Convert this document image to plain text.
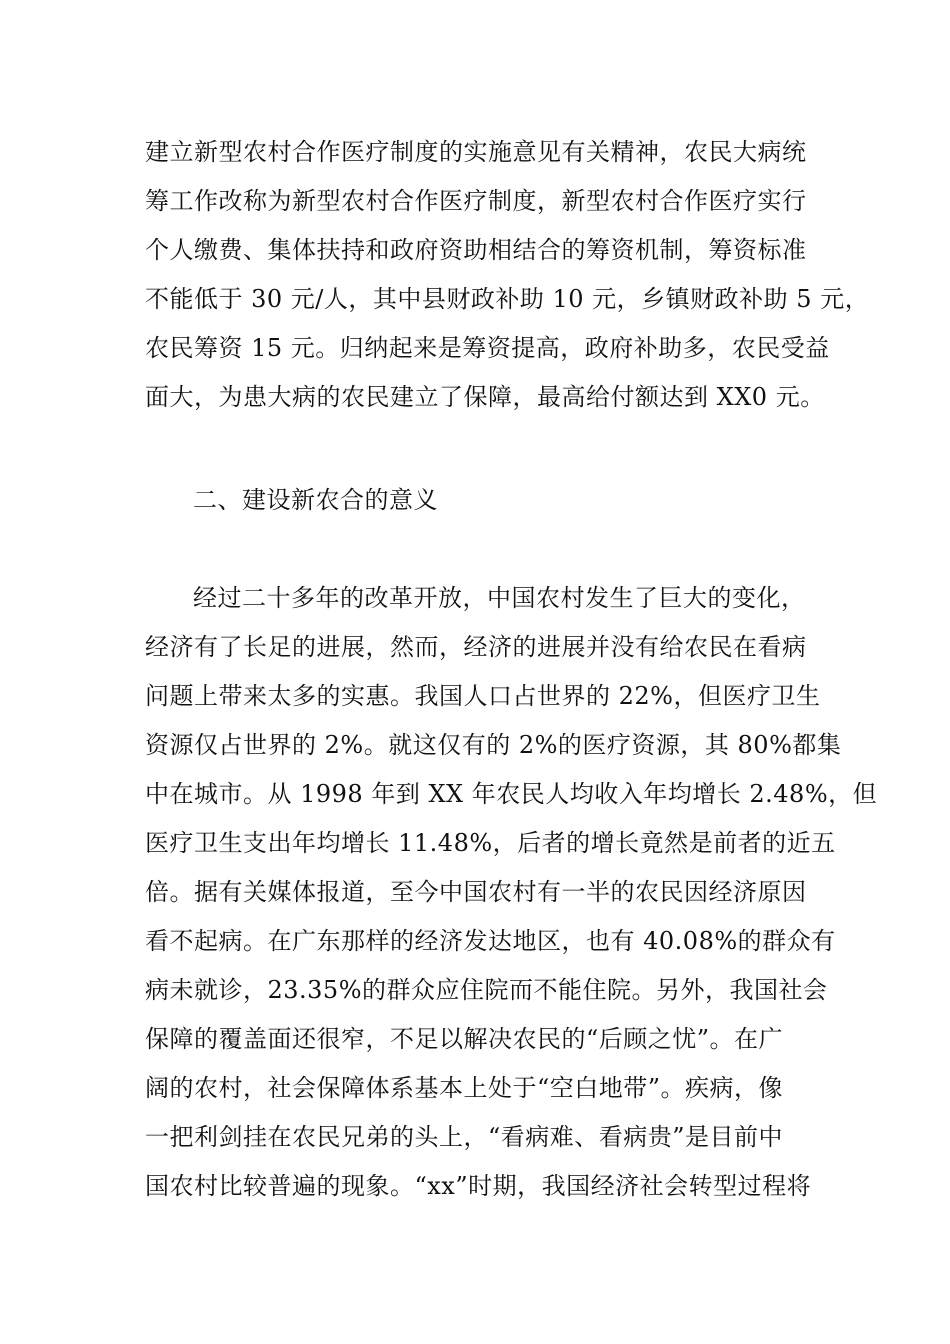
建立新型农村合作医疗制度的实施意见有关精神，农民大病统
筹工作改称为新型农村合作医疗制度，新型农村合作医疗实行
个人缴费、集体扶持和政府资助相结合的筹资机制，筹资标准
不能低于 30 元/人，其中县财政补助 10 元，乡镇财政补助 5 元，
农民筹资 15 元。归纳起来是筹资提高，政府补助多，农民受益
面大，为患大病的农民建立了保障，最高给付额达到 XX0 元。
二、建设新农合的意义
经过二十多年的改革开放，中国农村发生了巨大的变化，
经济有了长足的进展，然而，经济的进展并没有给农民在看病
问题上带来太多的实惠。我国人口占世界的 22%，但医疗卫生
资源仅占世界的 2%。就这仅有的 2%的医疗资源，其 80%都集
中在城市。从 1998 年到 XX 年农民人均收入年均增长 2.48%，但
医疗卫生支出年均增长 11.48%，后者的增长竟然是前者的近五
倍。据有关媒体报道，至今中国农村有一半的农民因经济原因
看不起病。在广东那样的经济发达地区，也有 40.08%的群众有
病未就诊，23.35%的群众应住院而不能住院。另外，我国社会
保障的覆盖面还很窄，不足以解决农民的“后顾之忧”。在广
阔的农村，社会保障体系基本上处于“空白地带”。疾病，像
一把利剑挂在农民兄弟的头上，“看病难、看病贵”是目前中
国农村比较普遍的现象。“xx”时期，我国经济社会转型过程将
